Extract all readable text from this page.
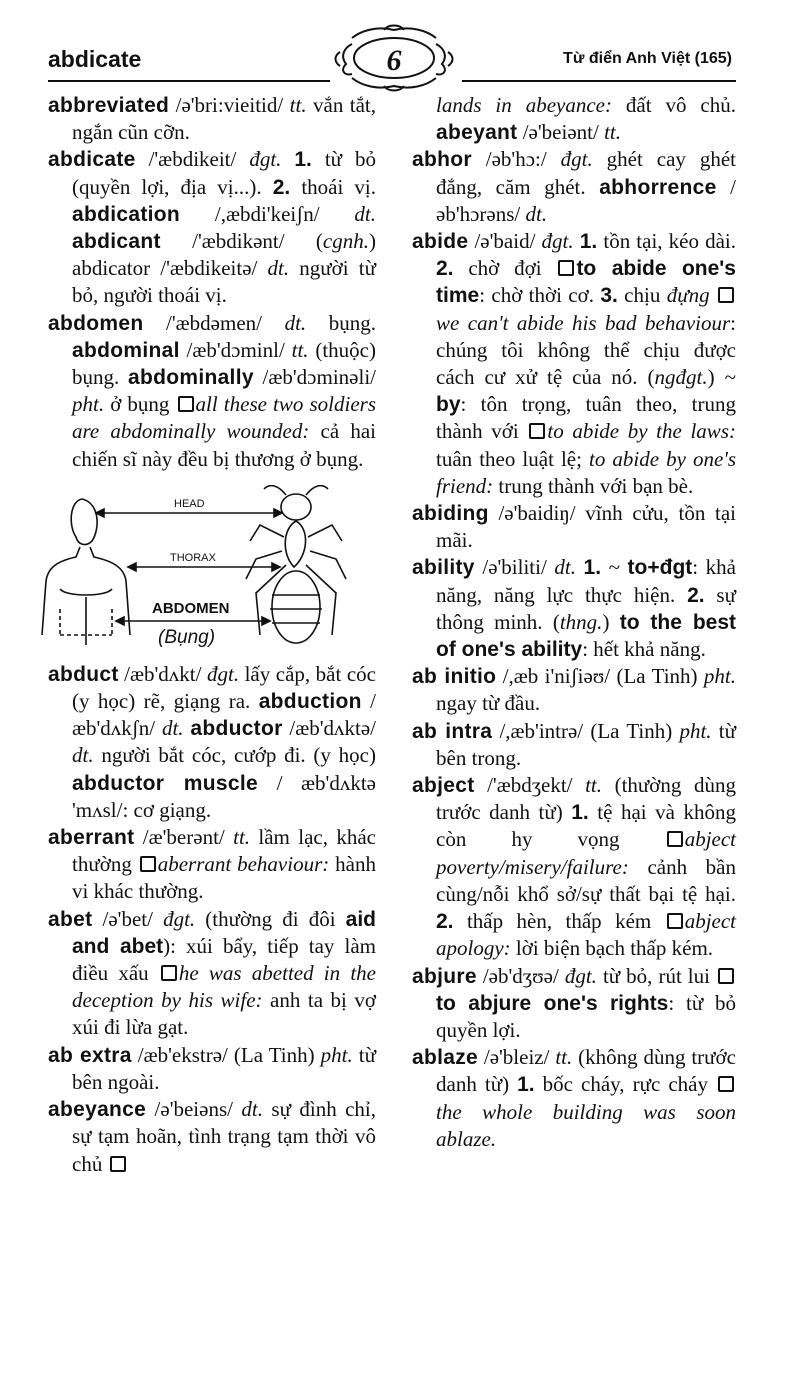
abdicate	6	Từ điển Anh Việt (165)

abbreviated /ə'bri:vieitid/ tt. vắn tắt, ngắn cũn cỡn.

abdicate /'æbdikeit/ đgt. 1. từ bỏ (quyền lợi, địa vị...). 2. thoái vị. abdication /,æbdi'keiʃn/ dt. abdicant /'æbdikənt/ (cgnh.) abdicator /'æbdikeitə/ dt. người từ bỏ, người thoái vị.

abdomen /'æbdəmen/ dt. bụng. abdominal /æb'dɔminl/ tt. (thuộc) bụng. abdominally /æb'dɔminəli/ pht. ở bụng all these two soldiers are abdominally wounded: cả hai chiến sĩ này đều bị thương ở bụng.

HEAD
THORAX
ABDOMEN
(Bụng)

abduct /æb'dʌkt/ đgt. lấy cắp, bắt cóc (y học) rẽ, giạng ra. abduction /æb'dʌkʃn/ dt. abductor /æb'dʌktə/ dt. người bắt cóc, cướp đi. (y học) abductor muscle / æb'dʌktə 'mʌsl/: cơ giạng.

aberrant /æ'berənt/ tt. lầm lạc, khác thường aberrant behaviour: hành vi khác thường.

abet /ə'bet/ đgt. (thường đi đôi aid and abet): xúi bẩy, tiếp tay làm điều xấu he was abetted in the deception by his wife: anh ta bị vợ xúi đi lừa gạt.

ab extra /æb'ekstrə/ (La Tinh) pht. từ bên ngoài.

abeyance /ə'beiəns/ dt. sự đình chỉ, sự tạm hoãn, tình trạng tạm thời vô chủ

lands in abeyance: đất vô chủ. abeyant /ə'beiənt/ tt.

abhor /əb'hɔ:/ đgt. ghét cay ghét đắng, căm ghét. abhorrence /əb'hɔrəns/ dt.

abide /ə'baid/ đgt. 1. tồn tại, kéo dài. 2. chờ đợi to abide one's time: chờ thời cơ. 3. chịu đựng we can't abide his bad behaviour: chúng tôi không thể chịu được cách cư xử tệ của nó. (ngđgt.) ~ by: tôn trọng, tuân theo, trung thành với to abide by the laws: tuân theo luật lệ; to abide by one's friend: trung thành với bạn bè.

abiding /ə'baidiŋ/ vĩnh cửu, tồn tại mãi.

ability /ə'biliti/ dt. 1. ~ to+đgt: khả năng, năng lực thực hiện. 2. sự thông minh. (thng.) to the best of one's ability: hết khả năng.

ab initio /,æb i'niʃiəʊ/ (La Tinh) pht. ngay từ đầu.

ab intra /,æb'intrə/ (La Tinh) pht. từ bên trong.

abject /'æbdʒekt/ tt. (thường dùng trước danh từ) 1. tệ hại và không còn hy vọng abject poverty/misery/failure: cảnh bần cùng/nỗi khổ sở/sự thất bại tệ hại. 2. thấp hèn, thấp kém abject apology: lời biện bạch thấp kém.

abjure /əb'dʒʊə/ đgt. từ bỏ, rút lui to abjure one's rights: từ bỏ quyền lợi.

ablaze /ə'bleiz/ tt. (không dùng trước danh từ) 1. bốc cháy, rực cháy the whole building was soon ablaze.
